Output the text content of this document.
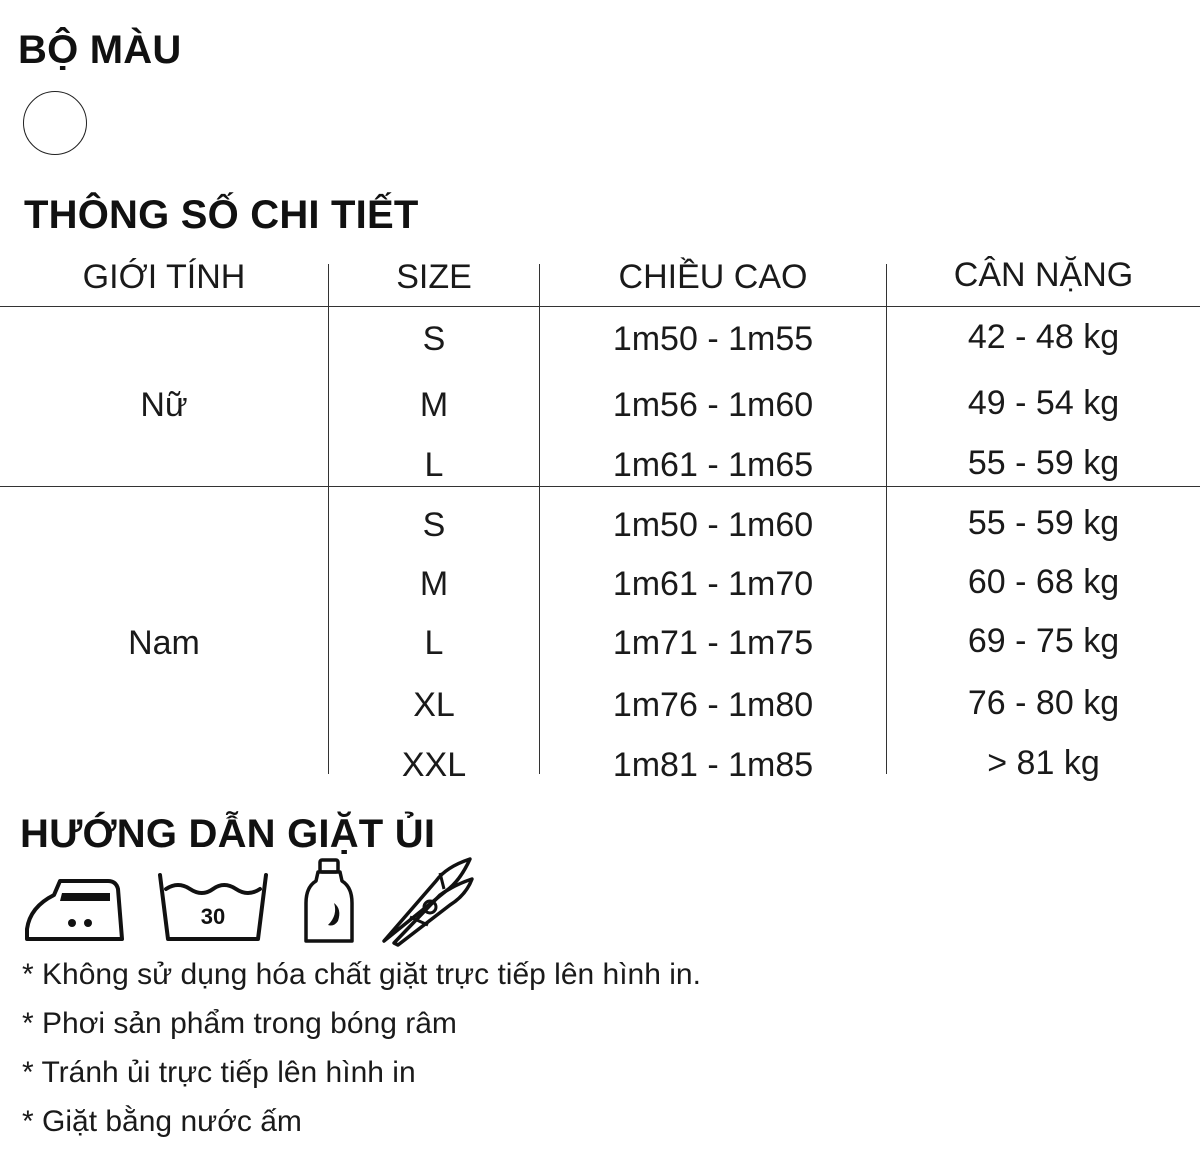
BỘ MÀU
THÔNG SỐ CHI TIẾT
GIỚI TÍNH	SIZE	CHIỀU CAO	CÂN NẶNG
Nữ
S	1m50 - 1m55	42 - 48 kg
M	1m56 - 1m60	49 - 54 kg
L	1m61 - 1m65	55 - 59 kg
Nam
S	1m50 - 1m60	55 - 59 kg
M	1m61 - 1m70	60 - 68 kg
L	1m71 - 1m75	69 - 75 kg
XL	1m76 - 1m80	76 - 80 kg
XXL	1m81 - 1m85	> 81 kg
HƯỚNG DẪN GIẶT ỦI
30
* Không sử dụng hóa chất giặt trực tiếp lên hình in.
* Phơi sản phẩm trong bóng râm
* Tránh ủi trực tiếp lên hình in
* Giặt bằng nước ấm
